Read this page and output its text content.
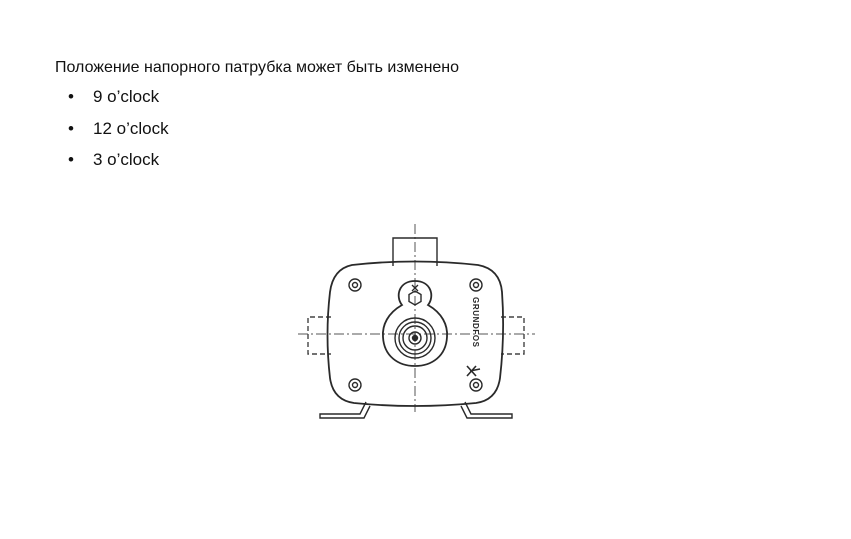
Положение напорного патрубка может быть изменено
• 9 o’clock
• 12 o’clock
• 3 o’clock
GRUNDFOS
